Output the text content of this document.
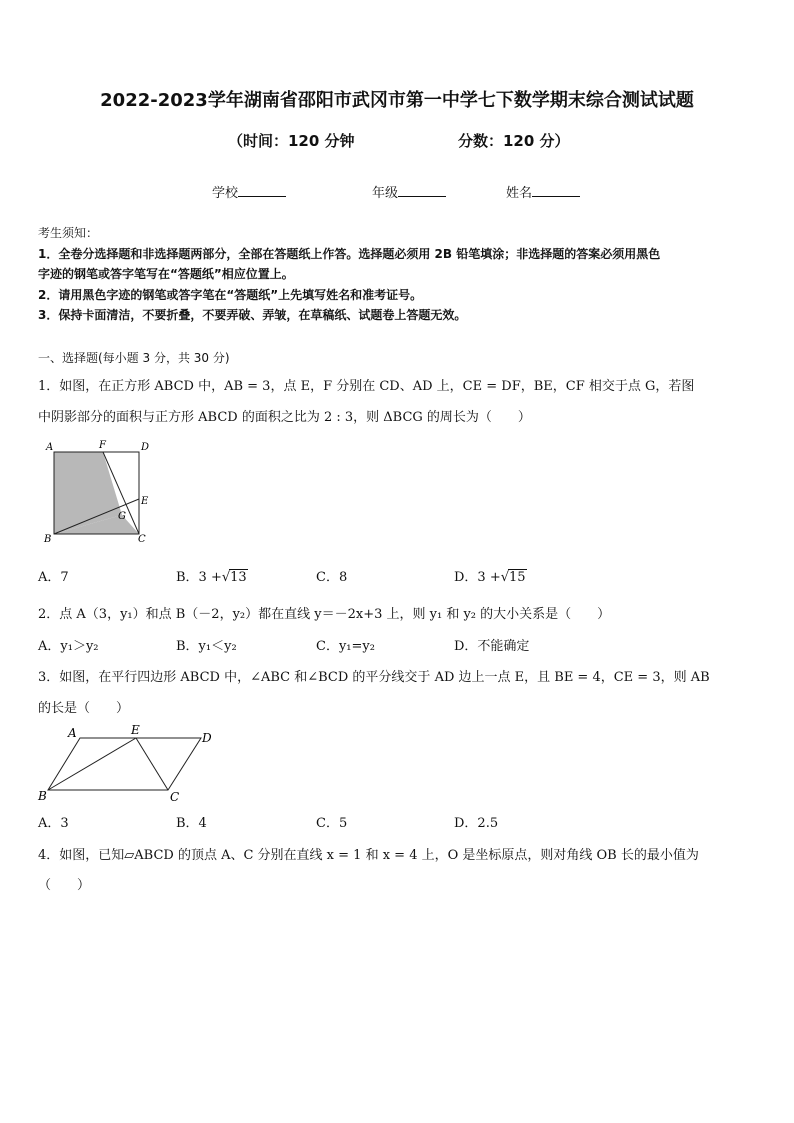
2022-2023学年湖南省邵阳市武冈市第一中学七下数学期末综合测试试题
（时间：120 分钟	分数：120 分）
学校	年级	姓名
考生须知：
1．全卷分选择题和非选择题两部分，全部在答题纸上作答。选择题必须用 2B 铅笔填涂；非选择题的答案必须用黑色
字迹的钢笔或答字笔写在“答题纸”相应位置上。
2．请用黑色字迹的钢笔或答字笔在“答题纸”上先填写姓名和准考证号。
3．保持卡面清洁，不要折叠，不要弄破、弄皱，在草稿纸、试题卷上答题无效。
一、选择题(每小题 3 分，共 30 分)
1．如图，在正方形 ABCD 中，AB = 3，点 E，F 分别在 CD、AD 上，CE = DF，BE，CF 相交于点 G，若图
中阴影部分的面积与正方形 ABCD 的面积之比为 2 : 3，则 ΔBCG 的周长为（　　）
A	F	D
E
G
B	C
A．7	B．3 +√13	C．8	D．3 +√15
2．点 A（3，y₁）和点 B（－2，y₂）都在直线 y＝－2x+3 上，则 y₁ 和 y₂ 的大小关系是（　　）
A．y₁＞y₂	B．y₁＜y₂	C．y₁=y₂	D．不能确定
3．如图，在平行四边形 ABCD 中，∠ABC 和∠BCD 的平分线交于 AD 边上一点 E，且 BE = 4，CE = 3，则 AB
的长是（　　）
A	E
D
B	C
A．3	B．4	C．5	D．2.5
4．如图，已知▱ABCD 的顶点 A、C 分别在直线 x = 1 和 x = 4 上，O 是坐标原点，则对角线 OB 长的最小值为
（　　）
